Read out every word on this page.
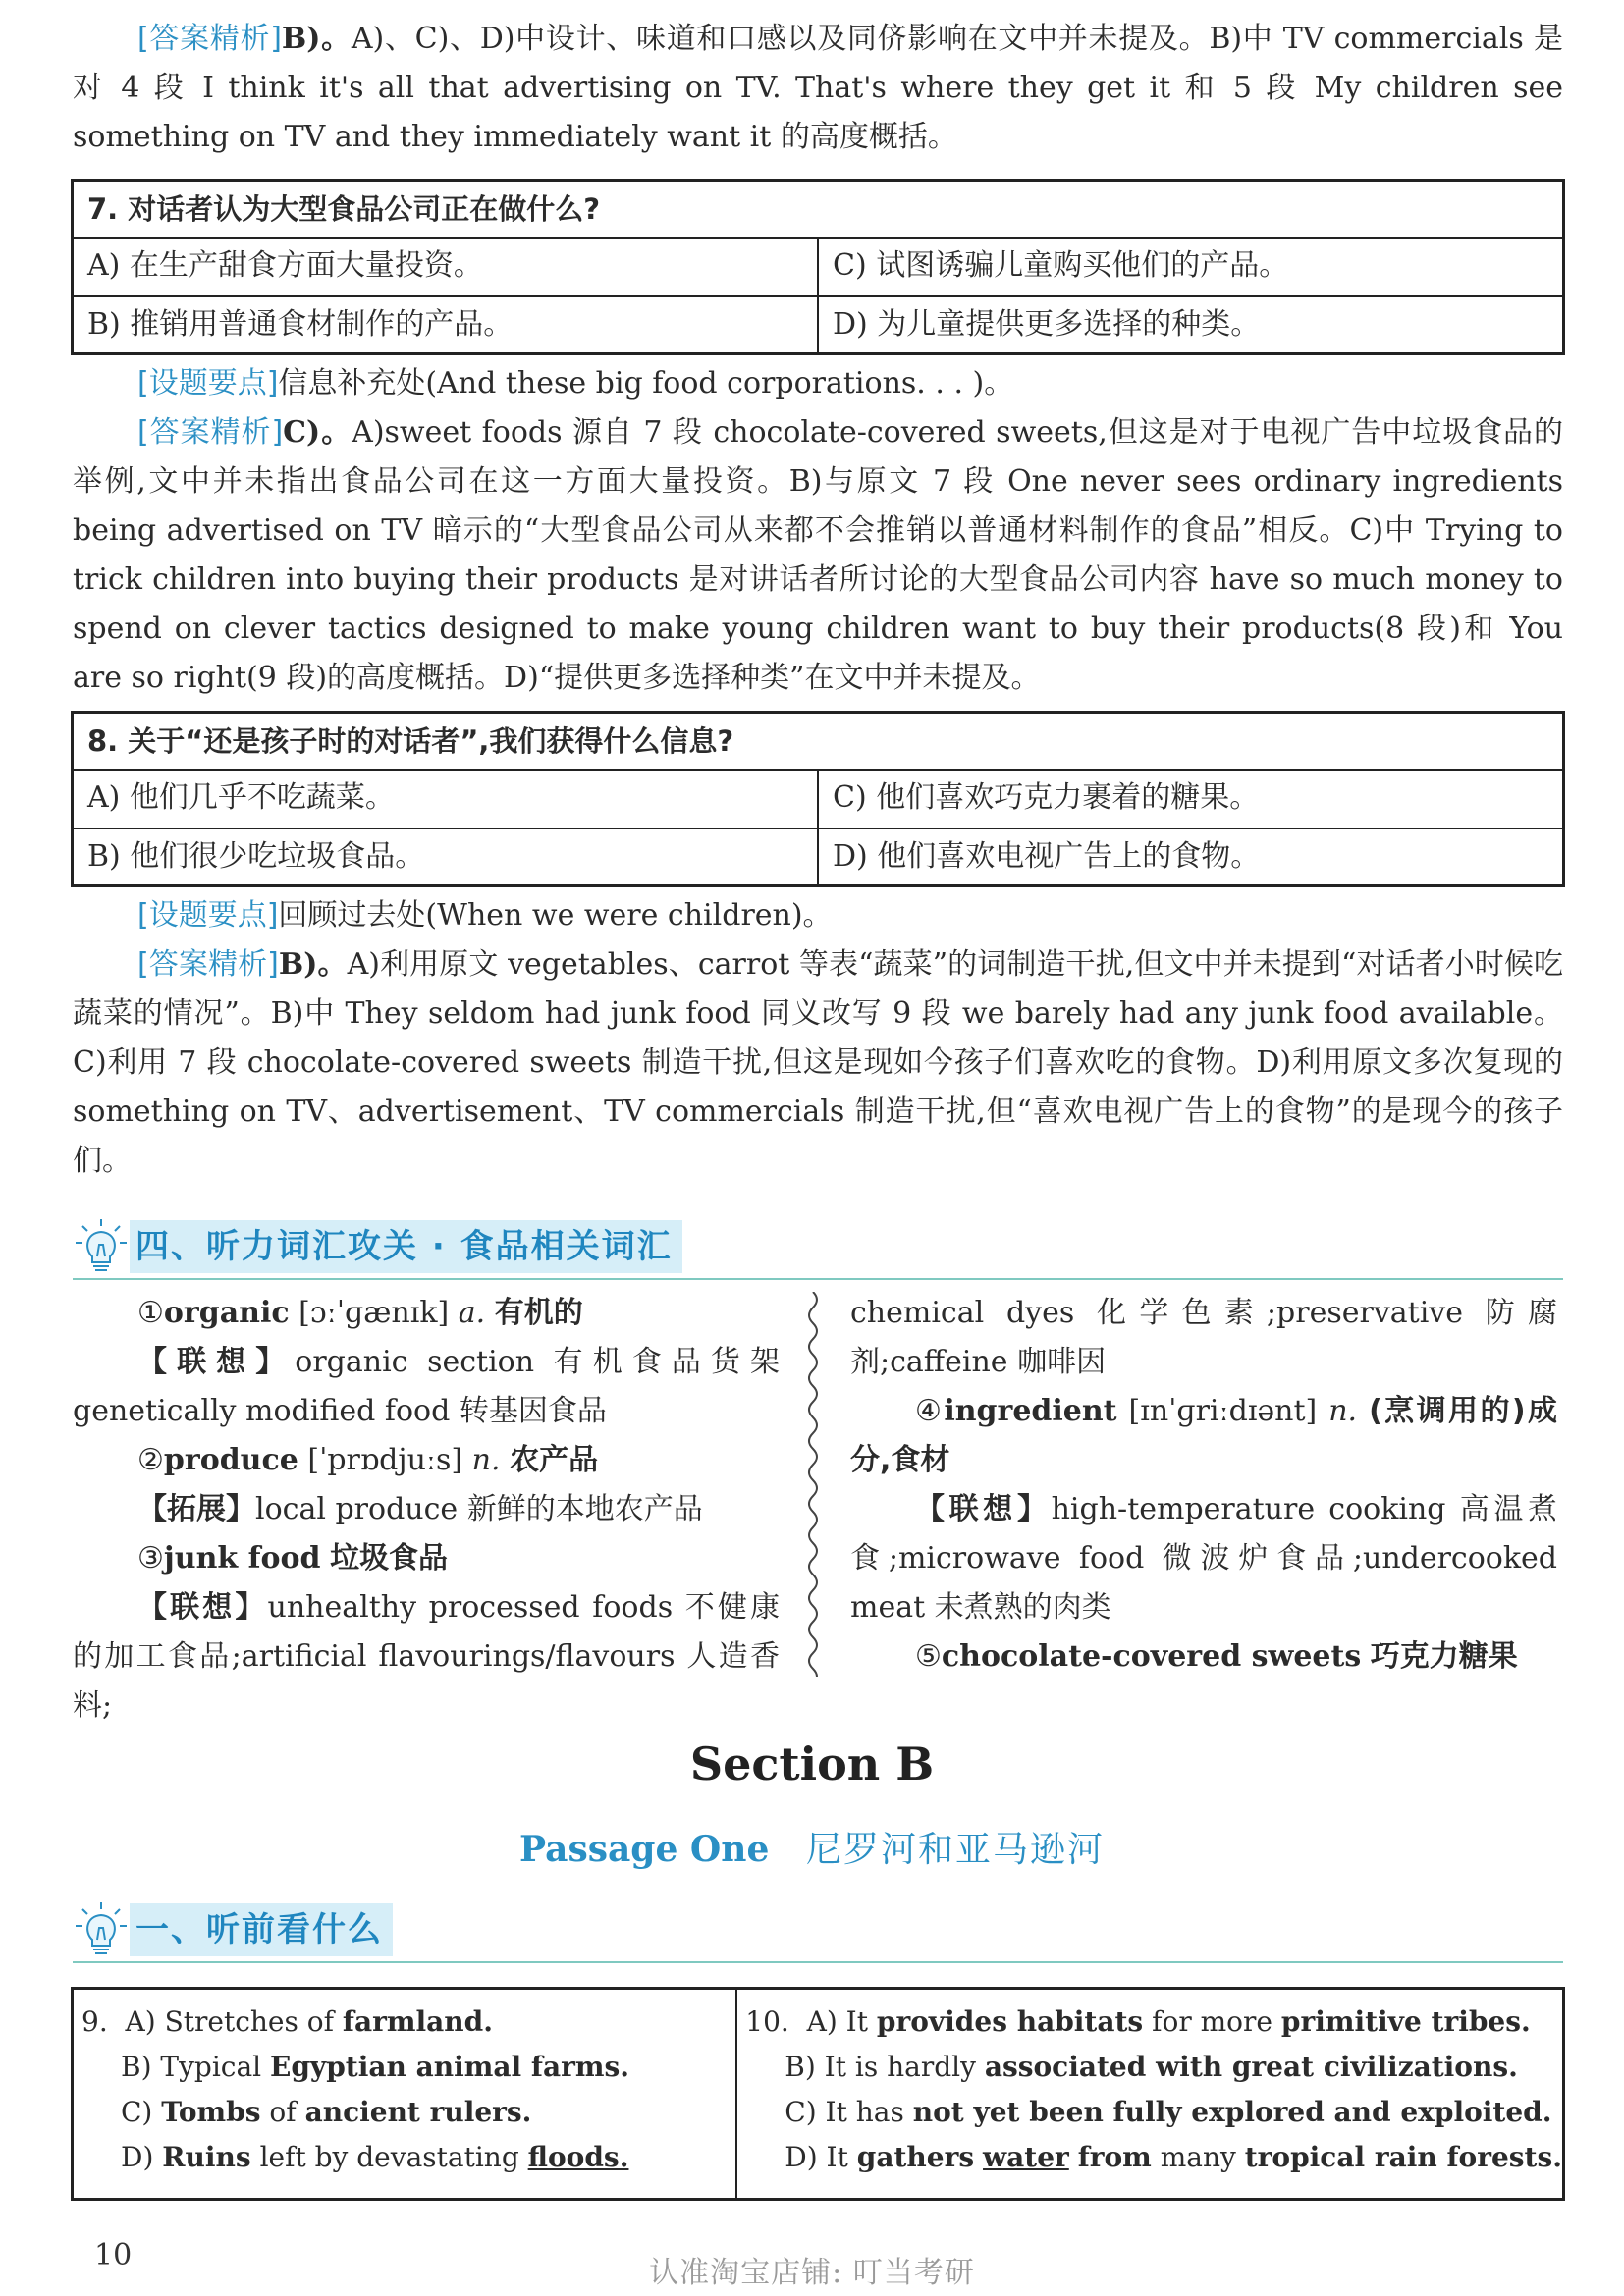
[答案精析]B)。A)、C)、D)中设计、味道和口感以及同侪影响在文中并未提及。B)中 TV commercials 是对 4 段 I think it's all that advertising on TV. That's where they get it 和 5 段 My children see something on TV and they immediately want it 的高度概括。

7. 对话者认为大型食品公司正在做什么?
A) 在生产甜食方面大量投资。	C) 试图诱骗儿童购买他们的产品。
B) 推销用普通食材制作的产品。	D) 为儿童提供更多选择的种类。

[设题要点]信息补充处(And these big food corporations. . . )。

[答案精析]C)。A)sweet foods 源自 7 段 chocolate-covered sweets,但这是对于电视广告中垃圾食品的举例,文中并未指出食品公司在这一方面大量投资。B)与原文 7 段 One never sees ordinary ingredients being advertised on TV 暗示的“大型食品公司从来都不会推销以普通材料制作的食品”相反。C)中 Trying to trick children into buying their products 是对讲话者所讨论的大型食品公司内容 have so much money to spend on clever tactics designed to make young children want to buy their products(8 段)和 You are so right(9 段)的高度概括。D)“提供更多选择种类”在文中并未提及。

8. 关于“还是孩子时的对话者”,我们获得什么信息?
A) 他们几乎不吃蔬菜。	C) 他们喜欢巧克力裹着的糖果。
B) 他们很少吃垃圾食品。	D) 他们喜欢电视广告上的食物。

[设题要点]回顾过去处(When we were children)。

[答案精析]B)。A)利用原文 vegetables、carrot 等表“蔬菜”的词制造干扰,但文中并未提到“对话者小时候吃蔬菜的情况”。B)中 They seldom had junk food 同义改写 9 段 we barely had any junk food available。C)利用 7 段 chocolate-covered sweets 制造干扰,但这是现如今孩子们喜欢吃的食物。D)利用原文多次复现的 something on TV、advertisement、TV commercials 制造干扰,但“喜欢电视广告上的食物”的是现今的孩子们。

四、听力词汇攻关 · 食品相关词汇

①organic [ɔːˈɡænɪk] a. 有机的

【联想】organic section 有机食品货架 genetically modified food 转基因食品

②produce [ˈprɒdjuːs] n. 农产品

【拓展】local produce 新鲜的本地农产品

③junk food 垃圾食品

【联想】unhealthy processed foods 不健康的加工食品;artificial flavourings/flavours 人造香料;

chemical dyes 化学色素;preservative 防腐剂;caffeine 咖啡因

④ingredient [ɪnˈɡriːdɪənt] n. (烹调用的)成分,食材

【联想】high-temperature cooking 高温煮食;microwave food 微波炉食品;undercooked meat 未煮熟的肉类

⑤chocolate-covered sweets 巧克力糖果

Section B
Passage One 尼罗河和亚马逊河
一、听前看什么
9. A) Stretches of farmland.
B) Typical Egyptian animal farms.
C) Tombs of ancient rulers.
D) Ruins left by devastating floods.
10. A) It provides habitats for more primitive tribes.
B) It is hardly associated with great civilizations.
C) It has not yet been fully explored and exploited.
D) It gathers water from many tropical rain forests.
10
认准淘宝店铺: 叮当考研
